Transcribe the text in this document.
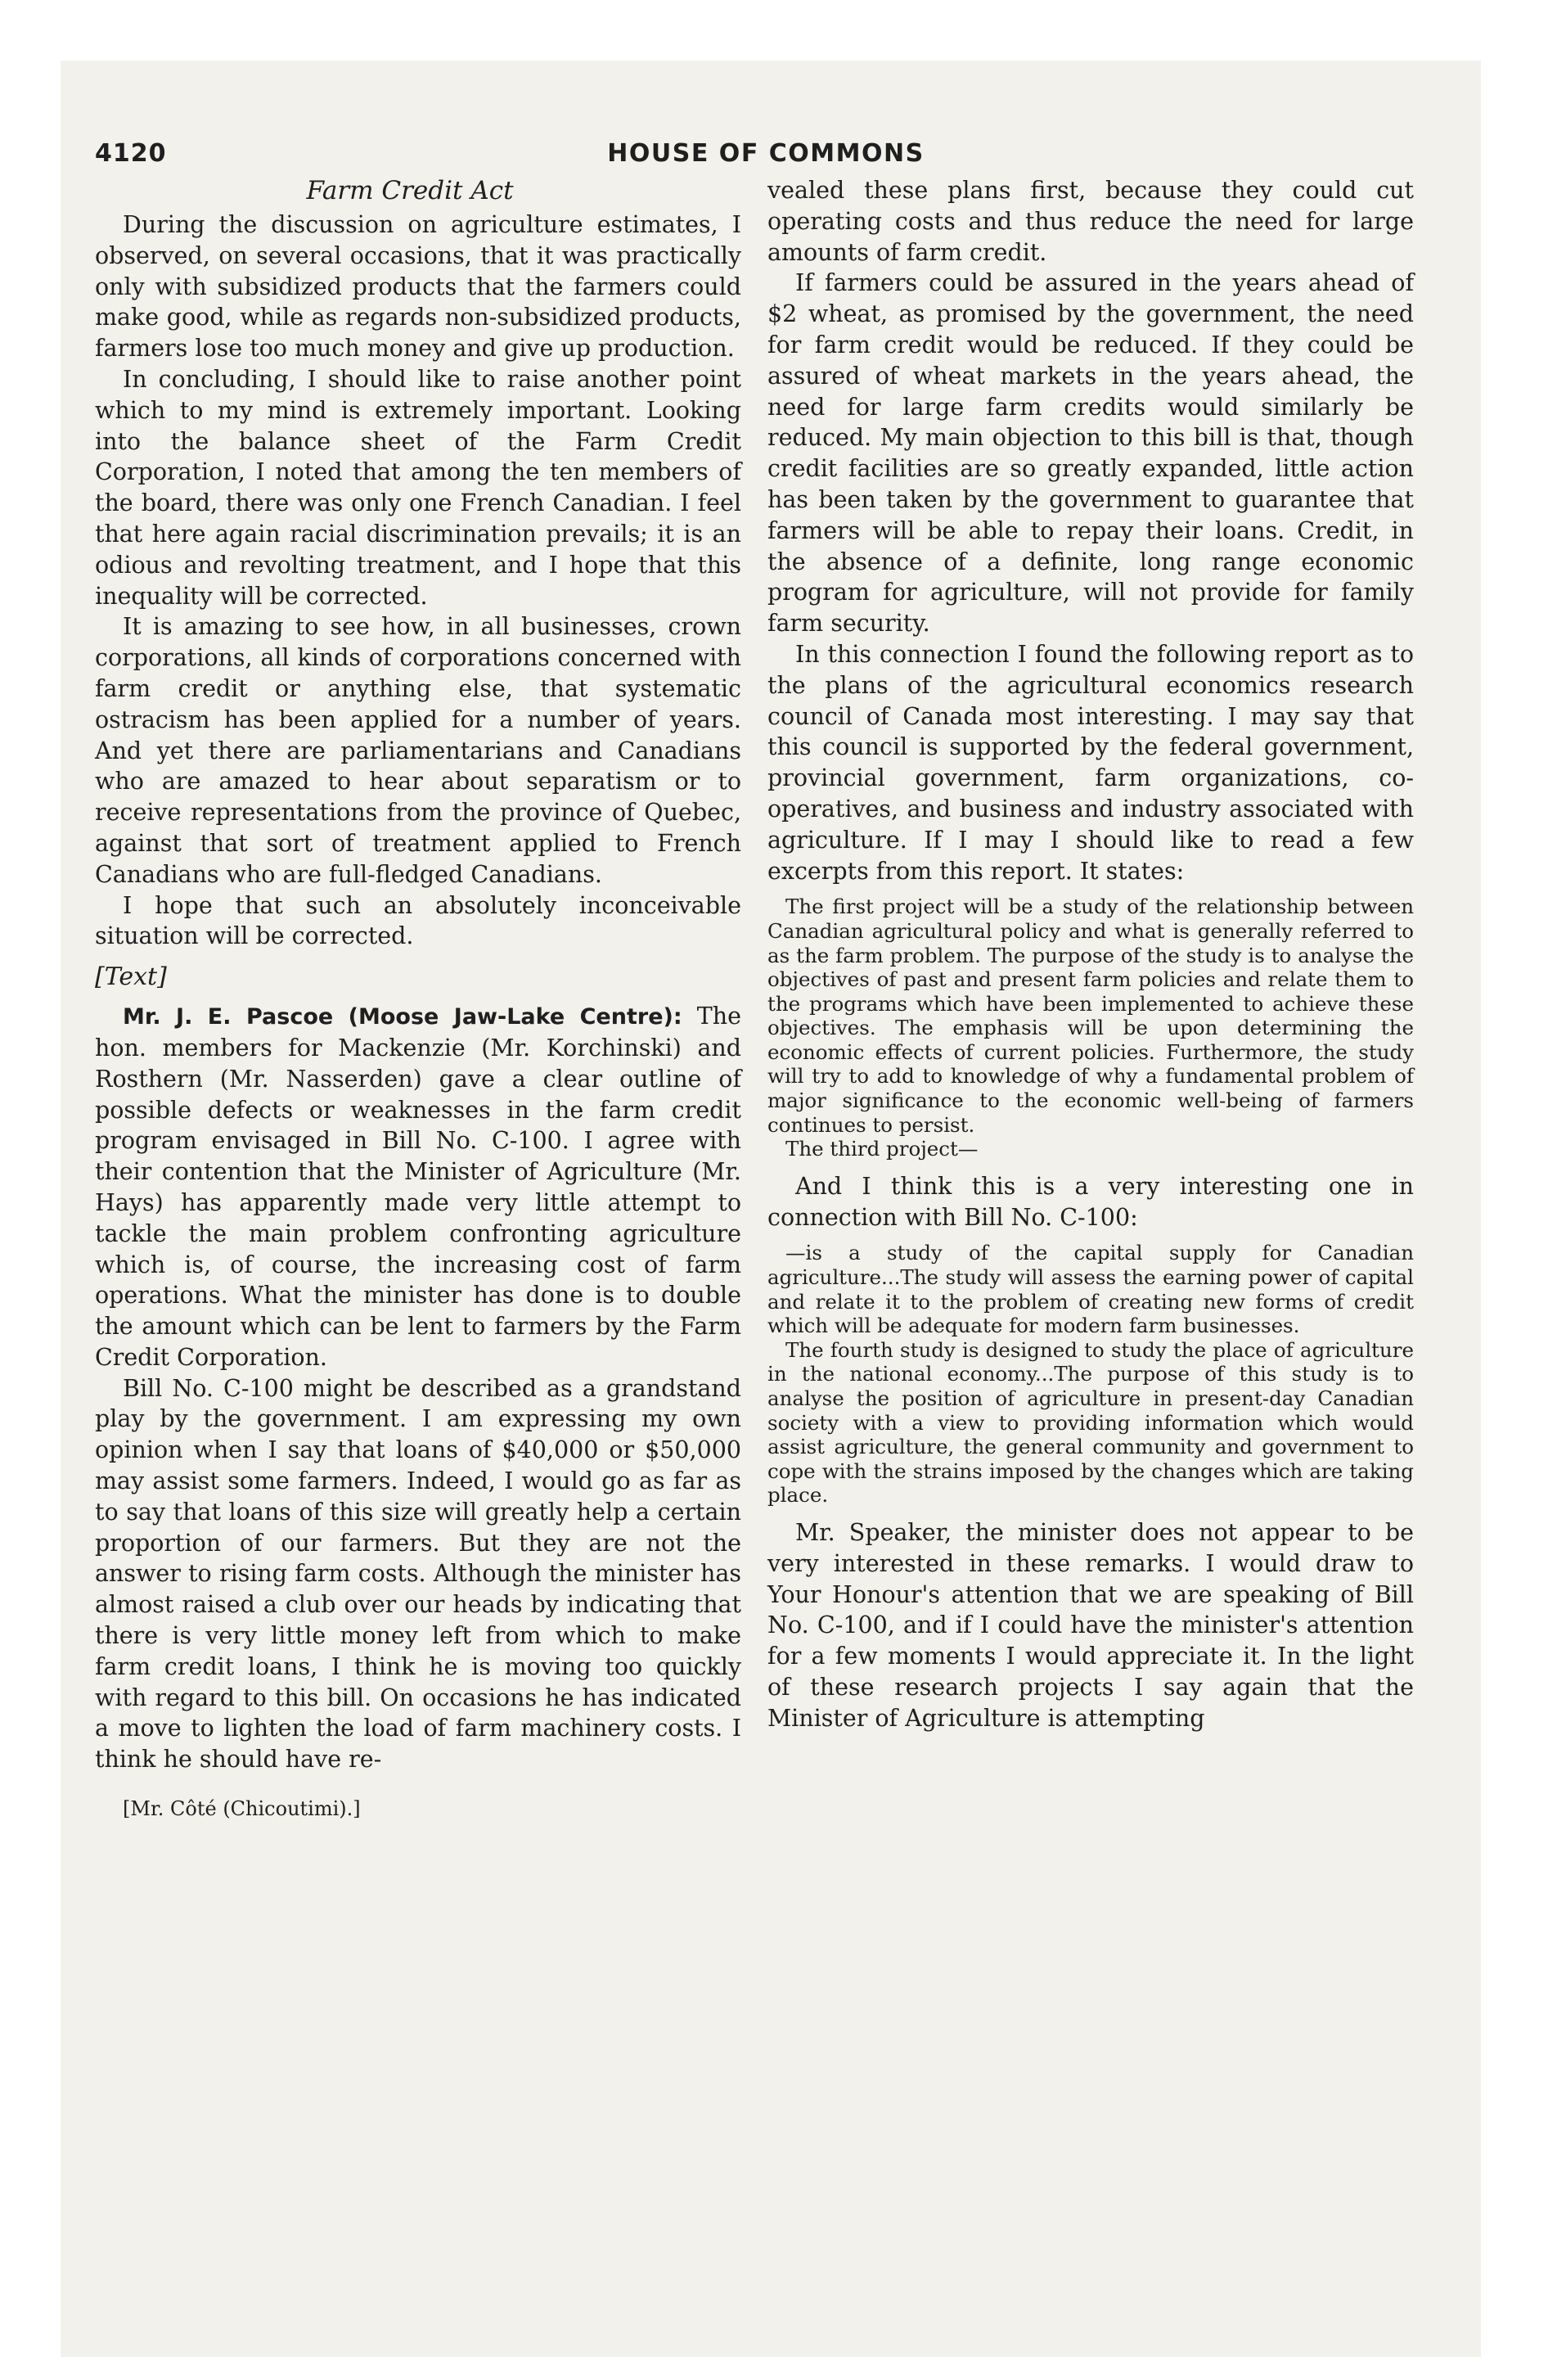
4120	HOUSE OF COMMONS
Farm Credit Act

During the discussion on agriculture estimates, I observed, on several occasions, that it was practically only with subsidized products that the farmers could make good, while as regards non-subsidized products, farmers lose too much money and give up production.

In concluding, I should like to raise another point which to my mind is extremely important. Looking into the balance sheet of the Farm Credit Corporation, I noted that among the ten members of the board, there was only one French Canadian. I feel that here again racial discrimination prevails; it is an odious and revolting treatment, and I hope that this inequality will be corrected.

It is amazing to see how, in all businesses, crown corporations, all kinds of corporations concerned with farm credit or anything else, that systematic ostracism has been applied for a number of years. And yet there are parliamentarians and Canadians who are amazed to hear about separatism or to receive representations from the province of Quebec, against that sort of treatment applied to French Canadians who are full-fledged Canadians.

I hope that such an absolutely inconceivable situation will be corrected.

[Text]

Mr. J. E. Pascoe (Moose Jaw-Lake Centre): The hon. members for Mackenzie (Mr. Korchinski) and Rosthern (Mr. Nasserden) gave a clear outline of possible defects or weaknesses in the farm credit program envisaged in Bill No. C-100. I agree with their contention that the Minister of Agriculture (Mr. Hays) has apparently made very little attempt to tackle the main problem confronting agriculture which is, of course, the increasing cost of farm operations. What the minister has done is to double the amount which can be lent to farmers by the Farm Credit Corporation.

Bill No. C-100 might be described as a grandstand play by the government. I am expressing my own opinion when I say that loans of $40,000 or $50,000 may assist some farmers. Indeed, I would go as far as to say that loans of this size will greatly help a certain proportion of our farmers. But they are not the answer to rising farm costs. Although the minister has almost raised a club over our heads by indicating that there is very little money left from which to make farm credit loans, I think he is moving too quickly with regard to this bill. On occasions he has indicated a move to lighten the load of farm machinery costs. I think he should have re-

[Mr. Côté (Chicoutimi).]

vealed these plans first, because they could cut operating costs and thus reduce the need for large amounts of farm credit.

If farmers could be assured in the years ahead of $2 wheat, as promised by the government, the need for farm credit would be reduced. If they could be assured of wheat markets in the years ahead, the need for large farm credits would similarly be reduced. My main objection to this bill is that, though credit facilities are so greatly expanded, little action has been taken by the government to guarantee that farmers will be able to repay their loans. Credit, in the absence of a definite, long range economic program for agriculture, will not provide for family farm security.

In this connection I found the following report as to the plans of the agricultural economics research council of Canada most interesting. I may say that this council is supported by the federal government, provincial government, farm organizations, co-operatives, and business and industry associated with agriculture. If I may I should like to read a few excerpts from this report. It states:

The first project will be a study of the relationship between Canadian agricultural policy and what is generally referred to as the farm problem. The purpose of the study is to analyse the objectives of past and present farm policies and relate them to the programs which have been implemented to achieve these objectives. The emphasis will be upon determining the economic effects of current policies. Furthermore, the study will try to add to knowledge of why a fundamental problem of major significance to the economic well-being of farmers continues to persist.
The third project—

And I think this is a very interesting one in connection with Bill No. C-100:

—is a study of the capital supply for Canadian agriculture...The study will assess the earning power of capital and relate it to the problem of creating new forms of credit which will be adequate for modern farm businesses.
The fourth study is designed to study the place of agriculture in the national economy...The purpose of this study is to analyse the position of agriculture in present-day Canadian society with a view to providing information which would assist agriculture, the general community and government to cope with the strains imposed by the changes which are taking place.

Mr. Speaker, the minister does not appear to be very interested in these remarks. I would draw to Your Honour's attention that we are speaking of Bill No. C-100, and if I could have the minister's attention for a few moments I would appreciate it. In the light of these research projects I say again that the Minister of Agriculture is attempting
